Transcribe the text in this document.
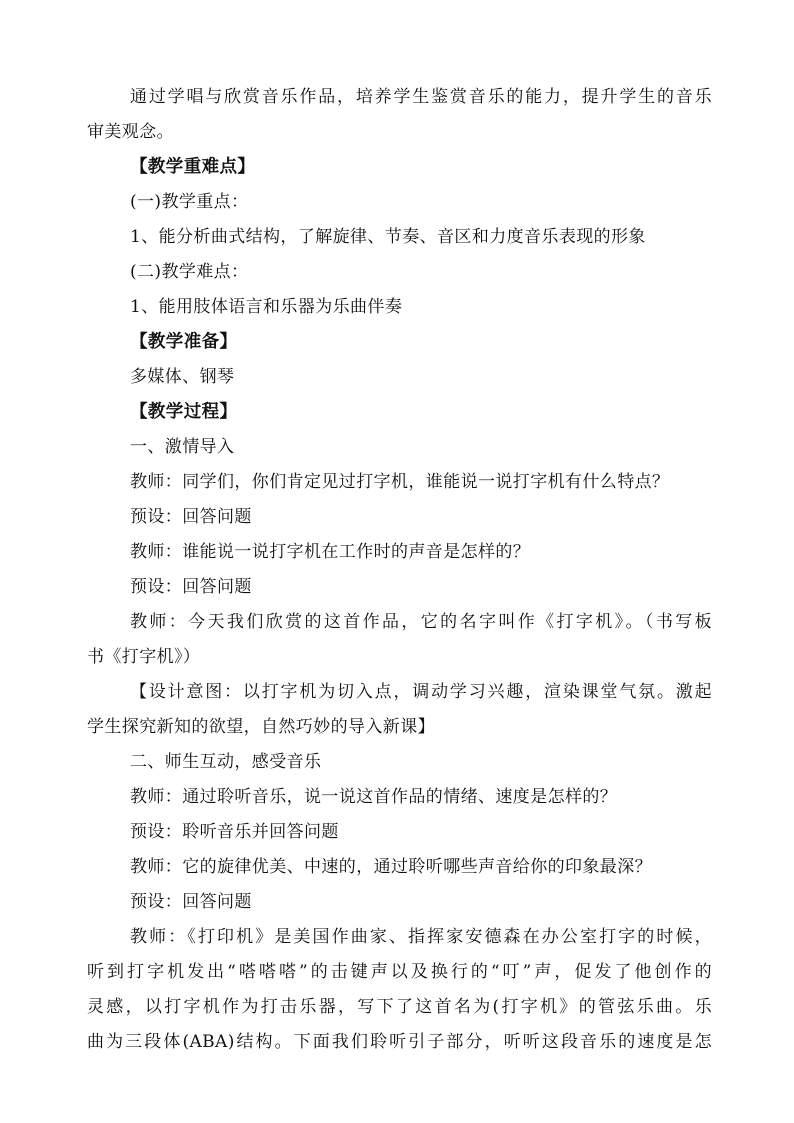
通过学唱与欣赏音乐作品，培养学生鉴赏音乐的能力，提升学生的音乐
审美观念。
【教学重难点】
(一)教学重点：
1、能分析曲式结构，了解旋律、节奏、音区和力度音乐表现的形象
(二)教学难点：
1、能用肢体语言和乐器为乐曲伴奏
【教学准备】
多媒体、钢琴
【教学过程】
一、激情导入
教师：同学们，你们肯定见过打字机，谁能说一说打字机有什么特点？
预设：回答问题
教师：谁能说一说打字机在工作时的声音是怎样的？
预设：回答问题
教师：今天我们欣赏的这首作品，它的名字叫作《打字机》。（书写板
书《打字机》）
【设计意图：以打字机为切入点，调动学习兴趣，渲染课堂气氛。激起
学生探究新知的欲望，自然巧妙的导入新课】
二、师生互动，感受音乐
教师：通过聆听音乐，说一说这首作品的情绪、速度是怎样的？
预设：聆听音乐并回答问题
教师：它的旋律优美、中速的，通过聆听哪些声音给你的印象最深？
预设：回答问题
教师：《打印机》是美国作曲家、指挥家安德森在办公室打字的时候，
听到打字机发出“嗒嗒嗒”的击键声以及换行的“叮”声，促发了他创作的
灵感，以打字机作为打击乐器，写下了这首名为(打字机》的管弦乐曲。乐
曲为三段体(ABA)结构。下面我们聆听引子部分，听听这段音乐的速度是怎
